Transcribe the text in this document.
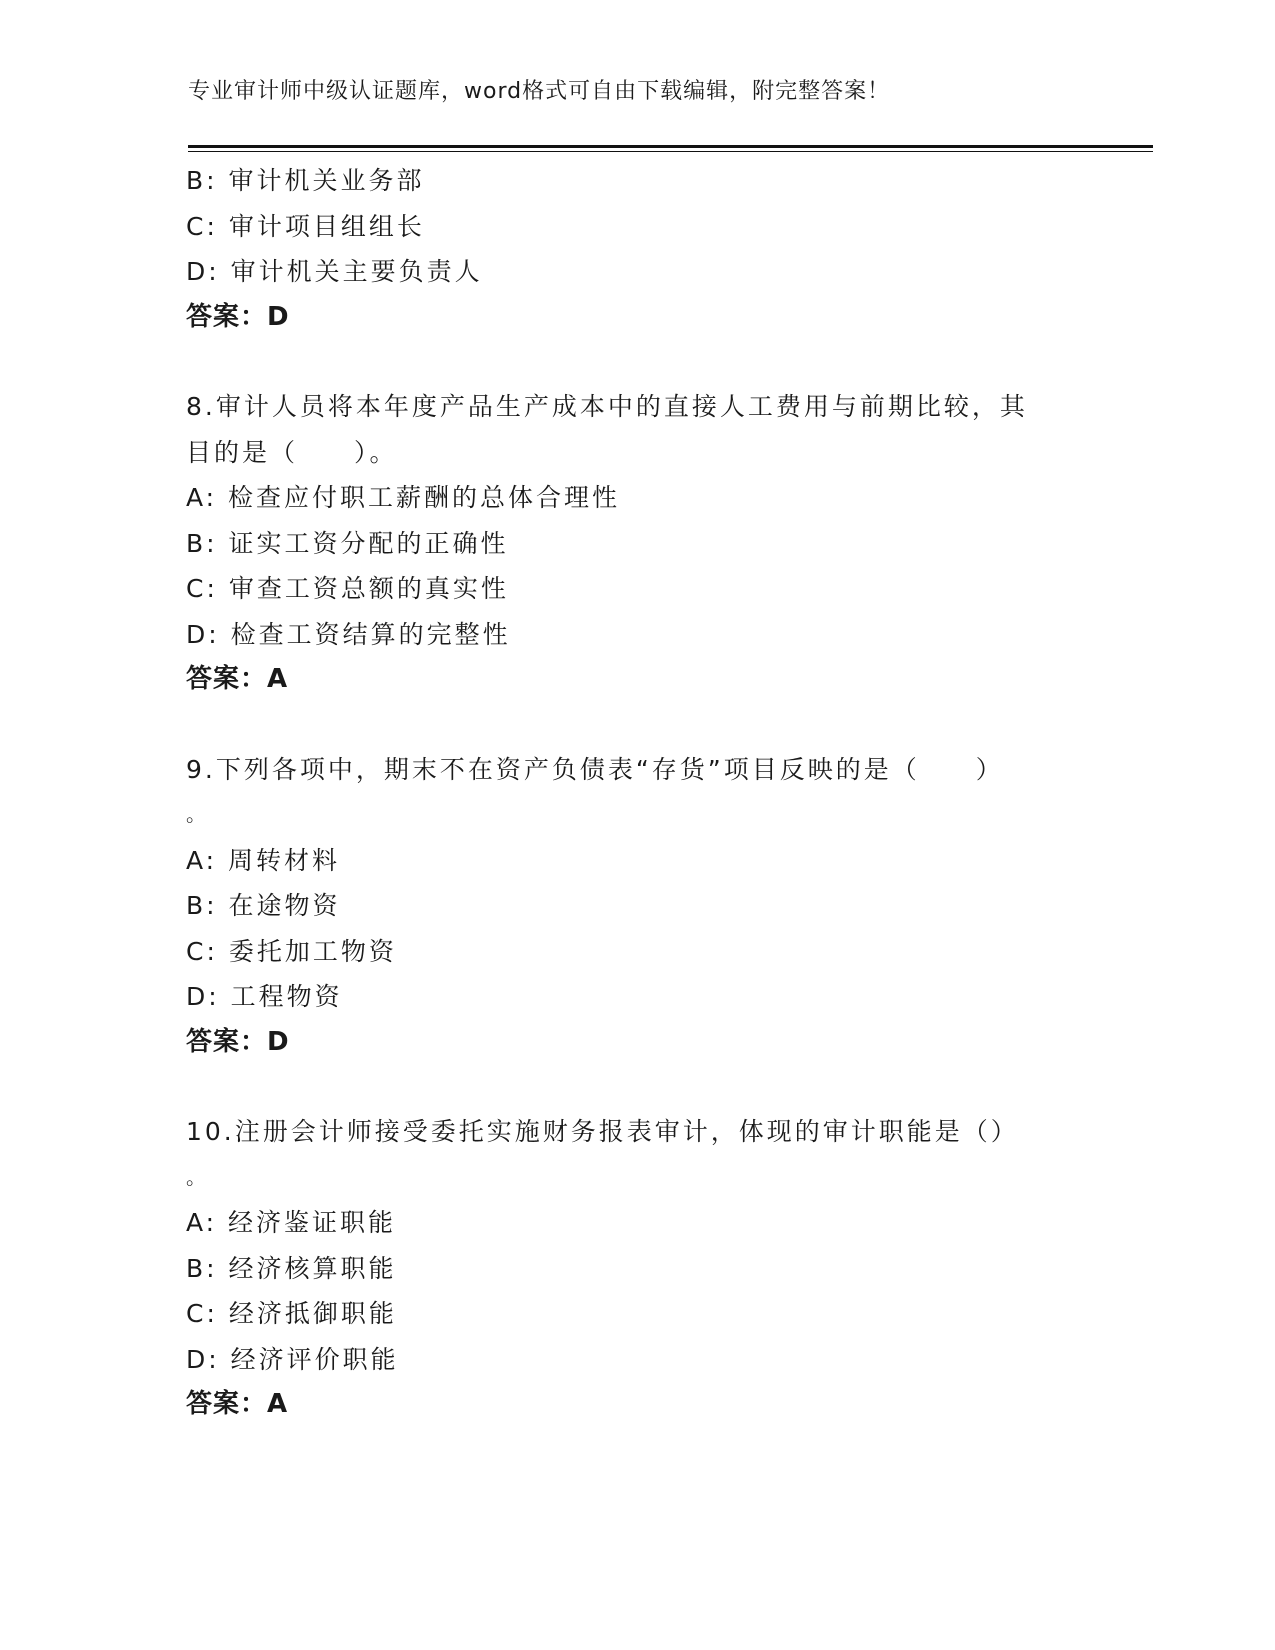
专业审计师中级认证题库，word格式可自由下载编辑，附完整答案！
B: 审计机关业务部
C: 审计项目组组长
D: 审计机关主要负责人
答案：D
8.审计人员将本年度产品生产成本中的直接人工费用与前期比较，其
目的是（　　）。
A: 检查应付职工薪酬的总体合理性
B: 证实工资分配的正确性
C: 审查工资总额的真实性
D: 检查工资结算的完整性
答案：A
9.下列各项中，期末不在资产负债表“存货”项目反映的是（　　）
。
A: 周转材料
B: 在途物资
C: 委托加工物资
D: 工程物资
答案：D
10.注册会计师接受委托实施财务报表审计，体现的审计职能是（）
。
A: 经济鉴证职能
B: 经济核算职能
C: 经济抵御职能
D: 经济评价职能
答案：A
